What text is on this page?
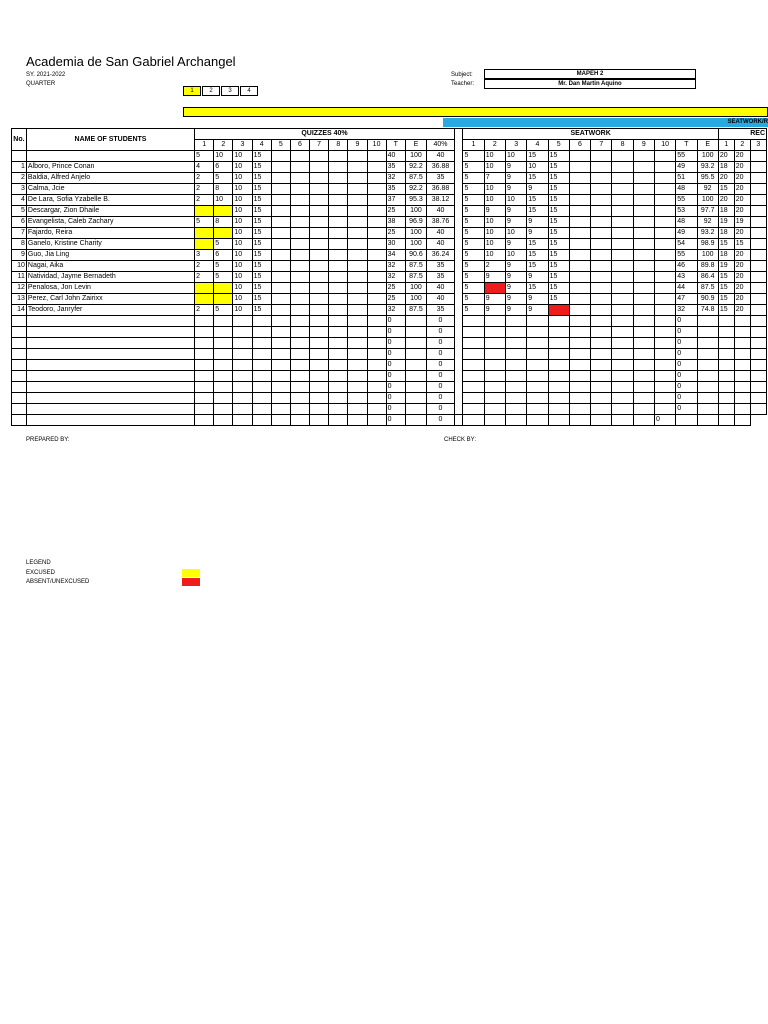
Academia de San Gabriel Archangel
SY. 2021-2022
QUARTER
1	2	3	4
Subject:
Teacher:
MAPEH 2
Mr. Dan Martin Aquino
SEATWORK/R
No.	NAME OF STUDENTS	QUIZZES 40%														SEATWORK												REC		
		1	2	3	4	5	6	7	8	9	10	T	E	40%		1	2	3	4	5	6	7	8	9	10	T	E	1	2	3
		5	10	10	15							40	100	40		5	10	10	15	15						55	100	20	20	
1	Alboro, Prince Conan	4	6	10	15							35	92.2	36.88		5	10	9	10	15						49	93.2	18	20	
2	Baldia, Alfred Anjelo	2	5	10	15							32	87.5	35		5	7	9	15	15						51	95.5	20	20	
3	Calma, Jcie	2	8	10	15							35	92.2	36.88		5	10	9	9	15						48	92	15	20	
4	De Lara, Sofia Yzabelle B.	2	10	10	15							37	95.3	38.12		5	10	10	15	15						55	100	20	20	
5	Descargar, Zion Dhaile			10	15							25	100	40		5	9	9	15	15						53	97.7	18	20	
6	Evangelista, Caleb Zachary	5	8	10	15							38	96.9	38.76		5	10	9	9	15						48	92	19	19	
7	Fajardo, Reira			10	15							25	100	40		5	10	10	9	15						49	93.2	18	20	
8	Ganelo, Kristine Charity		5	10	15							30	100	40		5	10	9	15	15						54	98.9	15	15	
9	Guo, Jia Ling	3	6	10	15							34	90.6	36.24		5	10	10	15	15						55	100	18	20	
10	Nagai, Aika	2	5	10	15							32	87.5	35		5	2	9	15	15						46	89.8	19	20	
11	Natividad, Jayme Bernadeth	2	5	10	15							32	87.5	35		5	9	9	9	15						43	86.4	15	20	
12	Penalosa, Jon Levin			10	15							25	100	40		5		9	15	15						44	87.5	15	20	
13	Perez, Carl John Zairixx			10	15							25	100	40		5	9	9	9	15						47	90.9	15	20	
14	Teodoro, Janryfer	2	5	10	15							32	87.5	35		5	9	9	9							32	74.8	15	20	
												0		0												0				
												0		0												0				
												0		0												0				
												0		0												0				
												0		0												0				
												0		0												0				
												0		0												0				
												0		0												0				
												0		0												0				
												0		0											0					
PREPARED BY:	CHECK BY:
LEGEND
EXCUSED
ABSENT/UNEXCUSED
